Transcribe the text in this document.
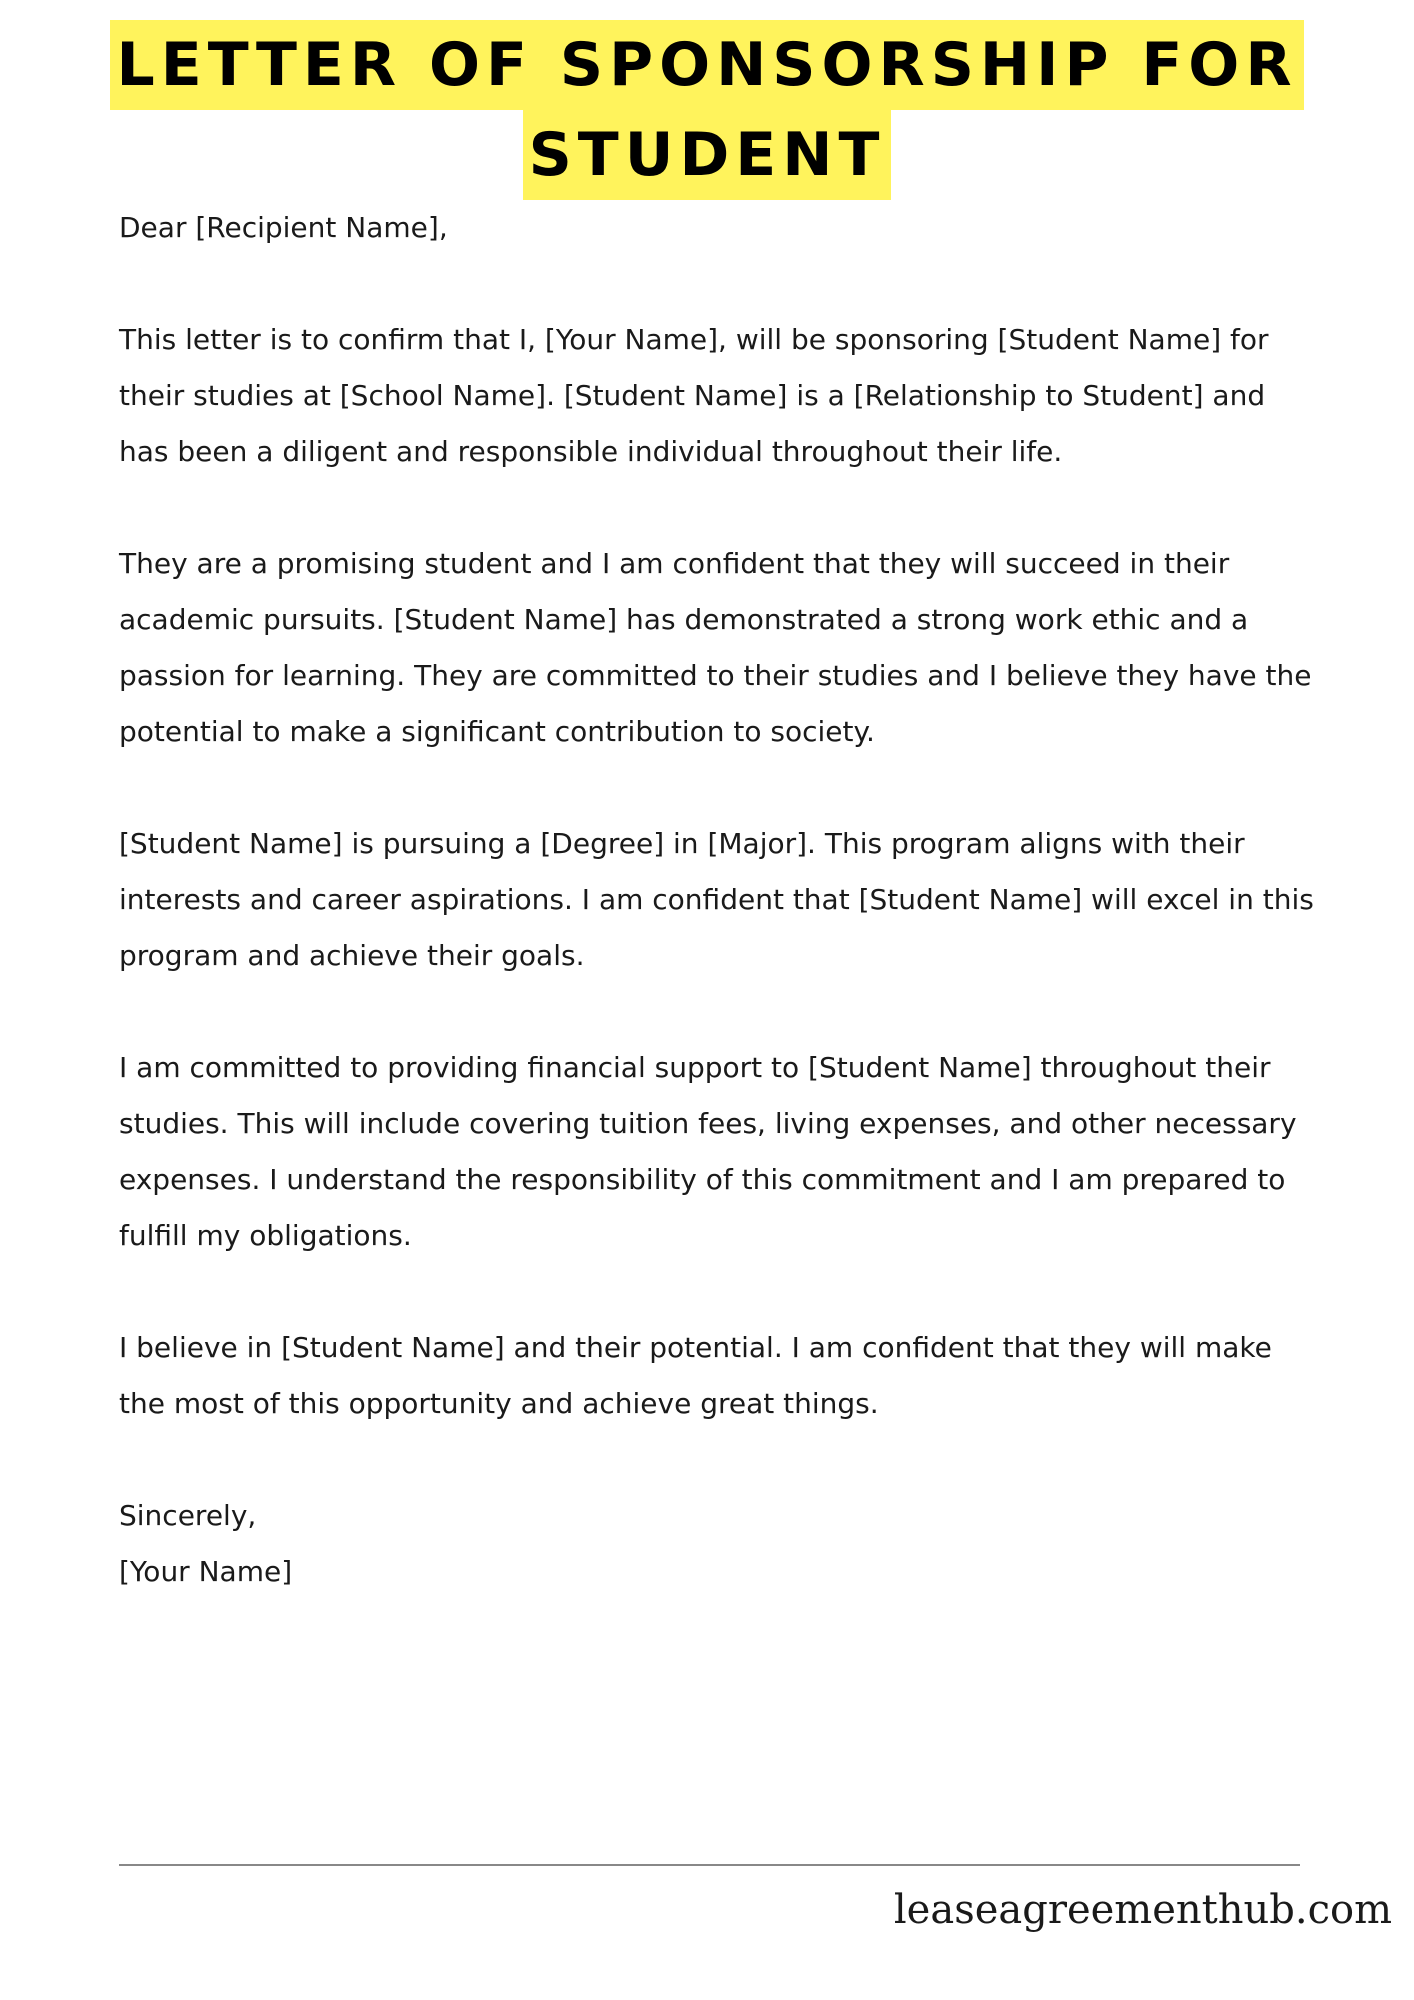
LETTER OF SPONSORSHIP FOR
STUDENT

Dear [Recipient Name],

This letter is to confirm that I, [Your Name], will be sponsoring [Student Name] for their studies at [School Name]. [Student Name] is a [Relationship to Student] and has been a diligent and responsible individual throughout their life.

They are a promising student and I am confident that they will succeed in their academic pursuits. [Student Name] has demonstrated a strong work ethic and a passion for learning. They are committed to their studies and I believe they have the potential to make a significant contribution to society.

[Student Name] is pursuing a [Degree] in [Major]. This program aligns with their interests and career aspirations. I am confident that [Student Name] will excel in this program and achieve their goals.

I am committed to providing financial support to [Student Name] throughout their studies. This will include covering tuition fees, living expenses, and other necessary expenses. I understand the responsibility of this commitment and I am prepared to fulfill my obligations.

I believe in [Student Name] and their potential. I am confident that they will make the most of this opportunity and achieve great things.

Sincerely,

[Your Name]

leaseagreementhub.com
